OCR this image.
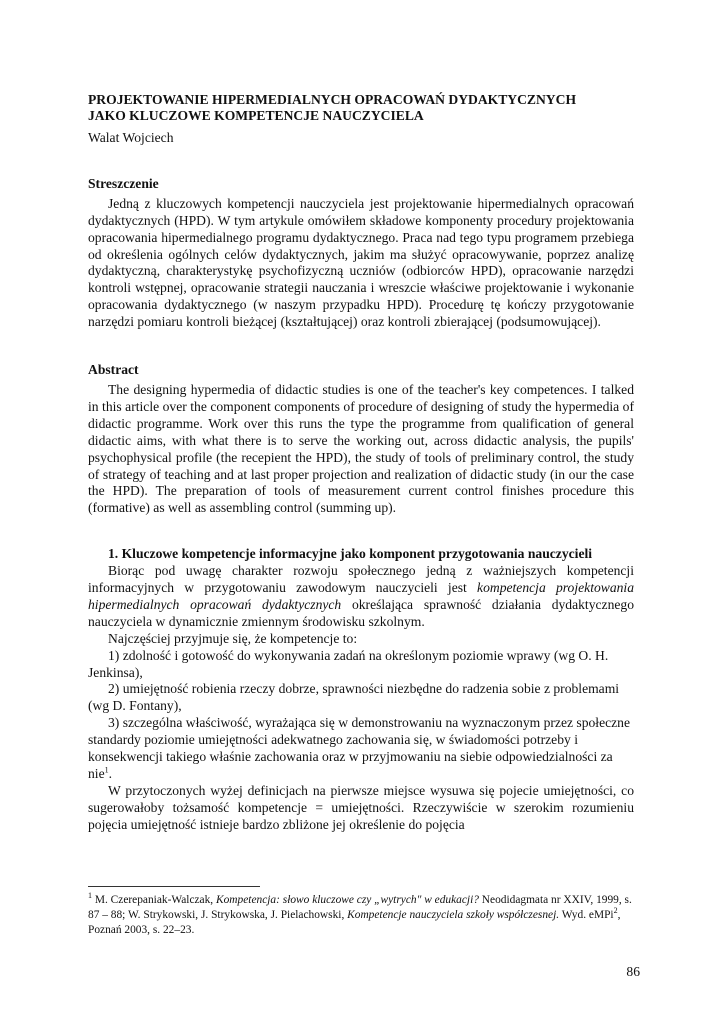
PROJEKTOWANIE HIPERMEDIALNYCH OPRACOWAŃ DYDAKTYCZNYCH

JAKO KLUCZOWE KOMPETENCJE NAUCZYCIELA

Walat Wojciech

Streszczenie

Jedną z kluczowych kompetencji nauczyciela jest projektowanie hipermedialnych opracowań dydaktycznych (HPD). W tym artykule omówiłem składowe komponenty procedury projektowania opracowania hipermedialnego programu dydaktycznego. Praca nad tego typu programem przebiega od określenia ogólnych celów dydaktycznych, jakim ma służyć opracowywanie, poprzez analizę dydaktyczną, charakterystykę psychofizyczną uczniów (odbiorców HPD), opracowanie narzędzi kontroli wstępnej, opracowanie strategii nauczania i wreszcie właściwe projektowanie i wykonanie opracowania dydaktycznego (w naszym przypadku HPD). Procedurę tę kończy przygotowanie narzędzi pomiaru kontroli bieżącej (kształtującej) oraz kontroli zbierającej (podsumowującej).

Abstract

The designing hypermedia of didactic studies is one of the teacher's key competences. I talked in this article over the component components of procedure of designing of study the hypermedia of didactic programme. Work over this runs the type the programme from qualification of general didactic aims, with what there is to serve the working out, across didactic analysis, the pupils' psychophysical profile (the recepient the HPD), the study of tools of preliminary control, the study of strategy of teaching and at last proper projection and realization of didactic study (in our the case the HPD). The preparation of tools of measurement current control finishes procedure this (formative) as well as assembling control (summing up).

1. Kluczowe kompetencje informacyjne jako komponent przygotowania nauczycieli

Biorąc pod uwagę charakter rozwoju społecznego jedną z ważniejszych kompetencji informacyjnych w przygotowaniu zawodowym nauczycieli jest kompetencja projektowania hipermedialnych opracowań dydaktycznych określająca sprawność działania dydaktycznego nauczyciela w dynamicznie zmiennym środowisku szkolnym.

Najczęściej przyjmuje się, że kompetencje to:

1) zdolność i gotowość do wykonywania zadań na określonym poziomie wprawy (wg O. H. Jenkinsa),

2) umiejętność robienia rzeczy dobrze, sprawności niezbędne do radzenia sobie z problemami (wg D. Fontany),

3) szczególna właściwość, wyrażająca się w demonstrowaniu na wyznaczonym przez społeczne standardy poziomie umiejętności adekwatnego zachowania się, w świadomości potrzeby i konsekwencji takiego właśnie zachowania oraz w przyjmowaniu na siebie odpowiedzialności za nie$^1$.

W przytoczonych wyżej definicjach na pierwsze miejsce wysuwa się pojecie umiejętności, co sugerowałoby tożsamość kompetencje = umiejętności. Rzeczywiście w szerokim rozumieniu pojęcia umiejętność istnieje bardzo zbliżone jej określenie do pojęcia

$^1$ M. Czerepaniak-Walczak, Kompetencja: słowo kluczowe czy „wytrych" w edukacji? Neodidagmata nr XXIV, 1999, s. 87 – 88; W. Strykowski, J. Strykowska, J. Pielachowski, Kompetencje nauczyciela szkoły współczesnej. Wyd. eMPi$^2$, Poznań 2003, s. 22–23.
86
